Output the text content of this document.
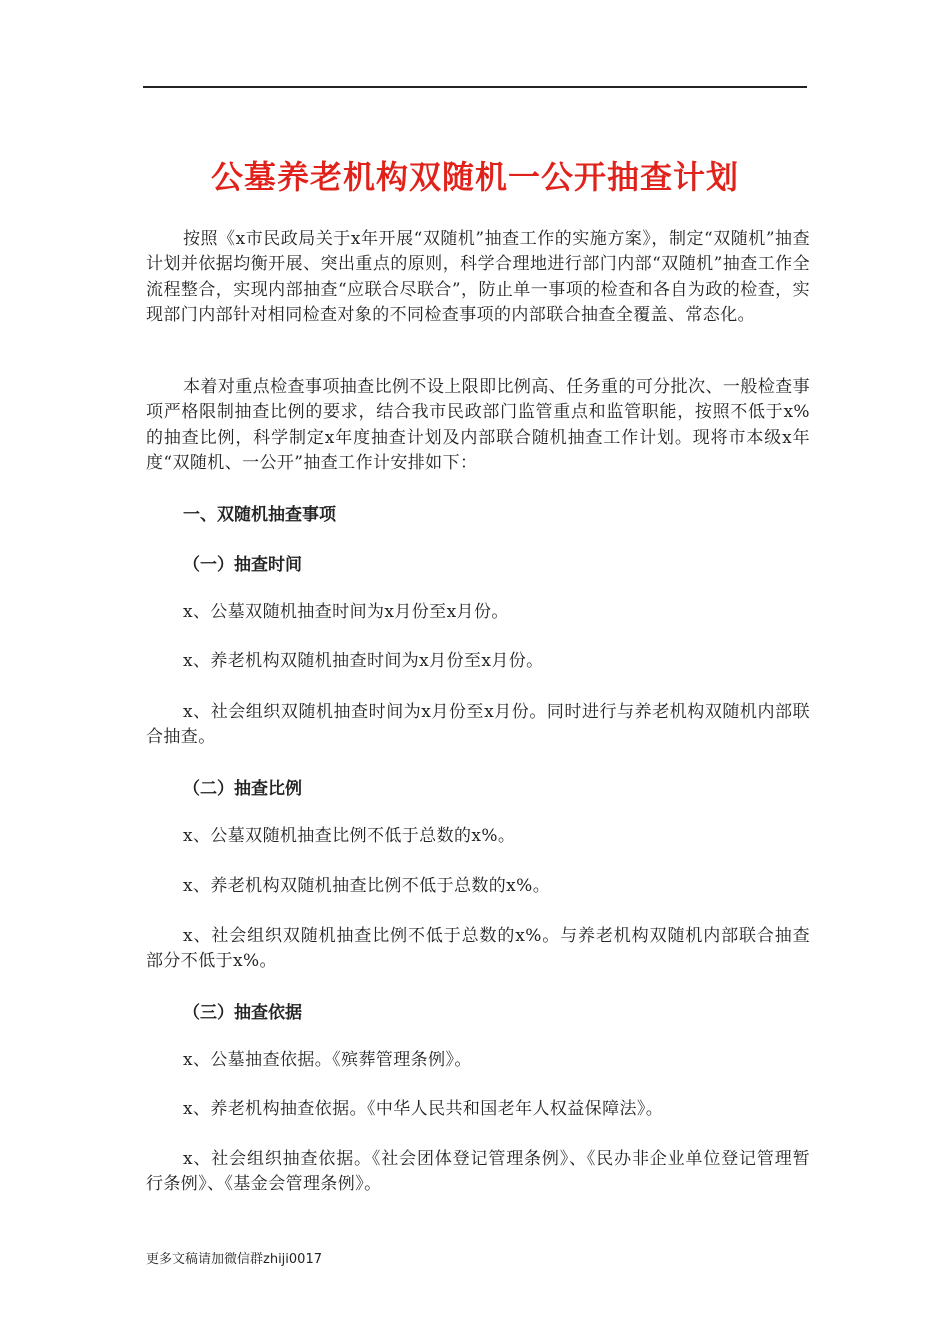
公墓养老机构双随机一公开抽查计划

按照《x市民政局关于x年开展“双随机”抽查工作的实施方案》，制定“双随机”抽查计划并依据均衡开展、突出重点的原则，科学合理地进行部门内部“双随机”抽查工作全流程整合，实现内部抽查“应联合尽联合”，防止单一事项的检查和各自为政的检查，实现部门内部针对相同检查对象的不同检查事项的内部联合抽查全覆盖、常态化。

本着对重点检查事项抽查比例不设上限即比例高、任务重的可分批次、一般检查事项严格限制抽查比例的要求，结合我市民政部门监管重点和监管职能，按照不低于x%的抽查比例，科学制定x年度抽查计划及内部联合随机抽查工作计划。现将市本级x年度“双随机、一公开”抽查工作计安排如下：

一、双随机抽查事项

（一）抽查时间

x、公墓双随机抽查时间为x月份至x月份。

x、养老机构双随机抽查时间为x月份至x月份。

x、社会组织双随机抽查时间为x月份至x月份。同时进行与养老机构双随机内部联合抽查。

（二）抽查比例

x、公墓双随机抽查比例不低于总数的x%。

x、养老机构双随机抽查比例不低于总数的x%。

x、社会组织双随机抽查比例不低于总数的x%。与养老机构双随机内部联合抽查部分不低于x%。

（三）抽查依据

x、公墓抽查依据。《殡葬管理条例》。

x、养老机构抽查依据。《中华人民共和国老年人权益保障法》。

x、社会组织抽查依据。《社会团体登记管理条例》、《民办非企业单位登记管理暂行条例》、《基金会管理条例》。

更多文稿请加微信群zhiji0017
